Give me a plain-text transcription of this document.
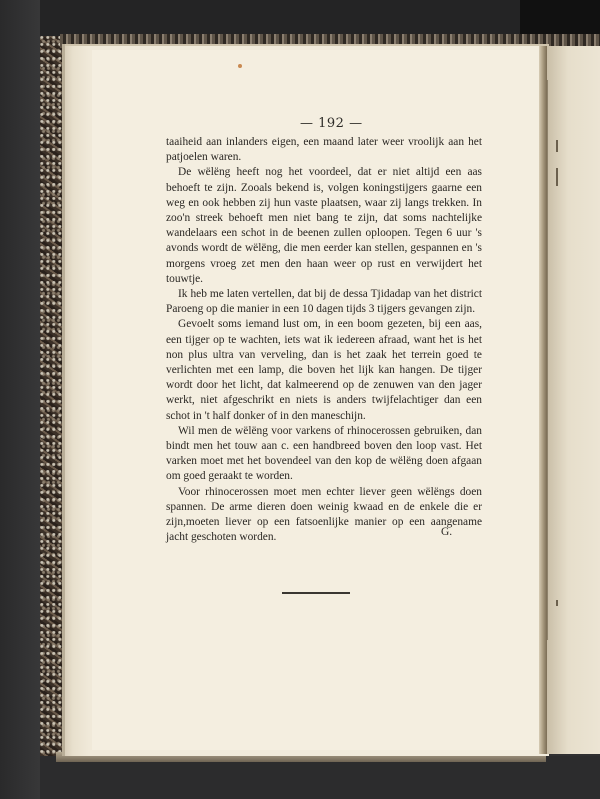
— 192 —

taaiheid aan inlanders eigen, een maand later weer vroolijk aan het patjoelen waren.

De wëlëng heeft nog het voordeel, dat er niet altijd een aas behoeft te zijn. Zooals bekend is, volgen koningstijgers gaarne een weg en ook hebben zij hun vaste plaatsen, waar zij langs trekken. In zoo'n streek behoeft men niet bang te zijn, dat soms nachtelijke wandelaars een schot in de beenen zullen oploopen. Tegen 6 uur 's avonds wordt de wëlëng, die men eerder kan stellen, gespannen en 's morgens vroeg zet men den haan weer op rust en verwijdert het touwtje.

Ik heb me laten vertellen, dat bij de dessa Tjidadap van het district Paroeng op die manier in een 10 dagen tijds 3 tijgers gevangen zijn.

Gevoelt soms iemand lust om, in een boom gezeten, bij een aas, een tijger op te wachten, iets wat ik iedereen afraad, want het is het non plus ultra van verveling, dan is het zaak het terrein goed te verlichten met een lamp, die boven het lijk kan hangen. De tijger wordt door het licht, dat kalmeerend op de zenuwen van den jager werkt, niet afgeschrikt en niets is anders twijfelachtiger dan een schot in 't half donker of in den maneschijn.

Wil men de wëlëng voor varkens of rhinocerossen gebruiken, dan bindt men het touw aan c. een handbreed boven den loop vast. Het varken moet met het bovendeel van den kop de wëlëng doen afgaan om goed geraakt te worden.

Voor rhinocerossen moet men echter liever geen wëlëngs doen spannen. De arme dieren doen weinig kwaad en de enkele die er zijn,moeten liever op een fatsoenlijke manier op een aangename jacht geschoten worden.	G.
